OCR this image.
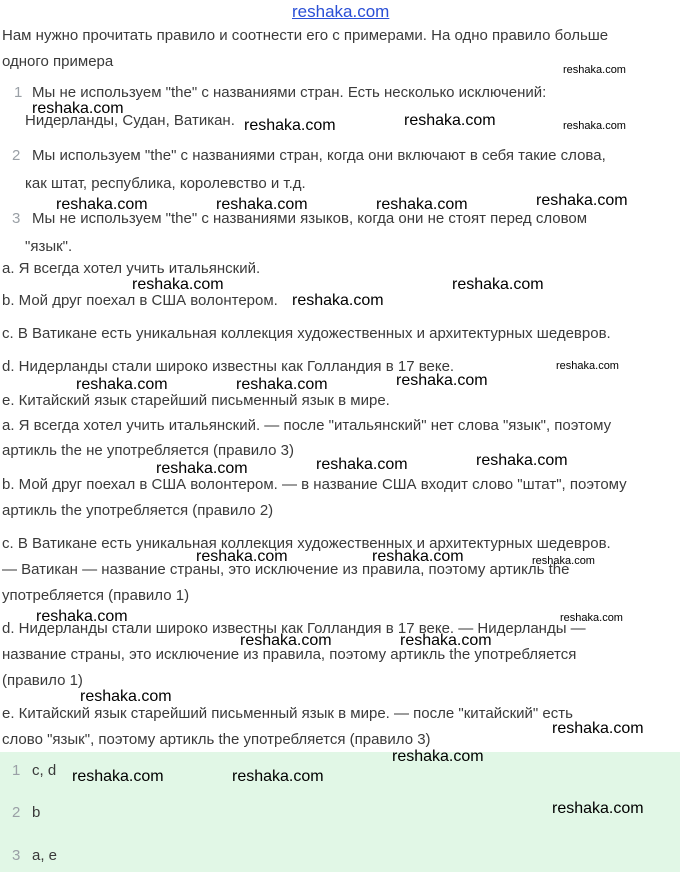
reshaka.com
Нам нужно прочитать правило и соотнести его с примерами. На одно правило больше
одного примера
1 Мы не используем "the" с названиями стран. Есть несколько исключений:
Нидерланды, Судан, Ватикан.
2 Мы используем "the" с названиями стран, когда они включают в себя такие слова,
как штат, республика, королевство и т.д.
3 Мы не используем "the" с названиями языков, когда они не стоят перед словом
"язык".
a. Я всегда хотел учить итальянский.
b. Мой друг поехал в США волонтером.
c. В Ватикане есть уникальная коллекция художественных и архитектурных шедевров.
d. Нидерланды стали широко известны как Голландия в 17 веке.
e. Китайский язык старейший письменный язык в мире.
a. Я всегда хотел учить итальянский. — после "итальянский" нет слова "язык", поэтому
артикль the не употребляется (правило 3)
b. Мой друг поехал в США волонтером. — в название США входит слово "штат", поэтому
артикль the употребляется (правило 2)
c. В Ватикане есть уникальная коллекция художественных и архитектурных шедевров.
— Ватикан — название страны, это исключение из правила, поэтому артикль the
употребляется (правило 1)
d. Нидерланды стали широко известны как Голландия в 17 веке. — Нидерланды —
название страны, это исключение из правила, поэтому артикль the употребляется
(правило 1)
e. Китайский язык старейший письменный язык в мире. — после "китайский" есть
слово "язык", поэтому артикль the употребляется (правило 3)
1 c, d
2 b
3 a, e
reshaka.com
reshaka.com
reshaka.com	reshaka.com	reshaka.com
reshaka.com	reshaka.com	reshaka.com	reshaka.com
reshaka.com
reshaka.com
reshaka.com
reshaka.com
reshaka.com	reshaka.com	reshaka.com
reshaka.com	reshaka.com	reshaka.com
reshaka.com	reshaka.com	reshaka.com
reshaka.com	reshaka.com
reshaka.com	reshaka.com
reshaka.com
reshaka.com
reshaka.com
reshaka.com	reshaka.com
reshaka.com
